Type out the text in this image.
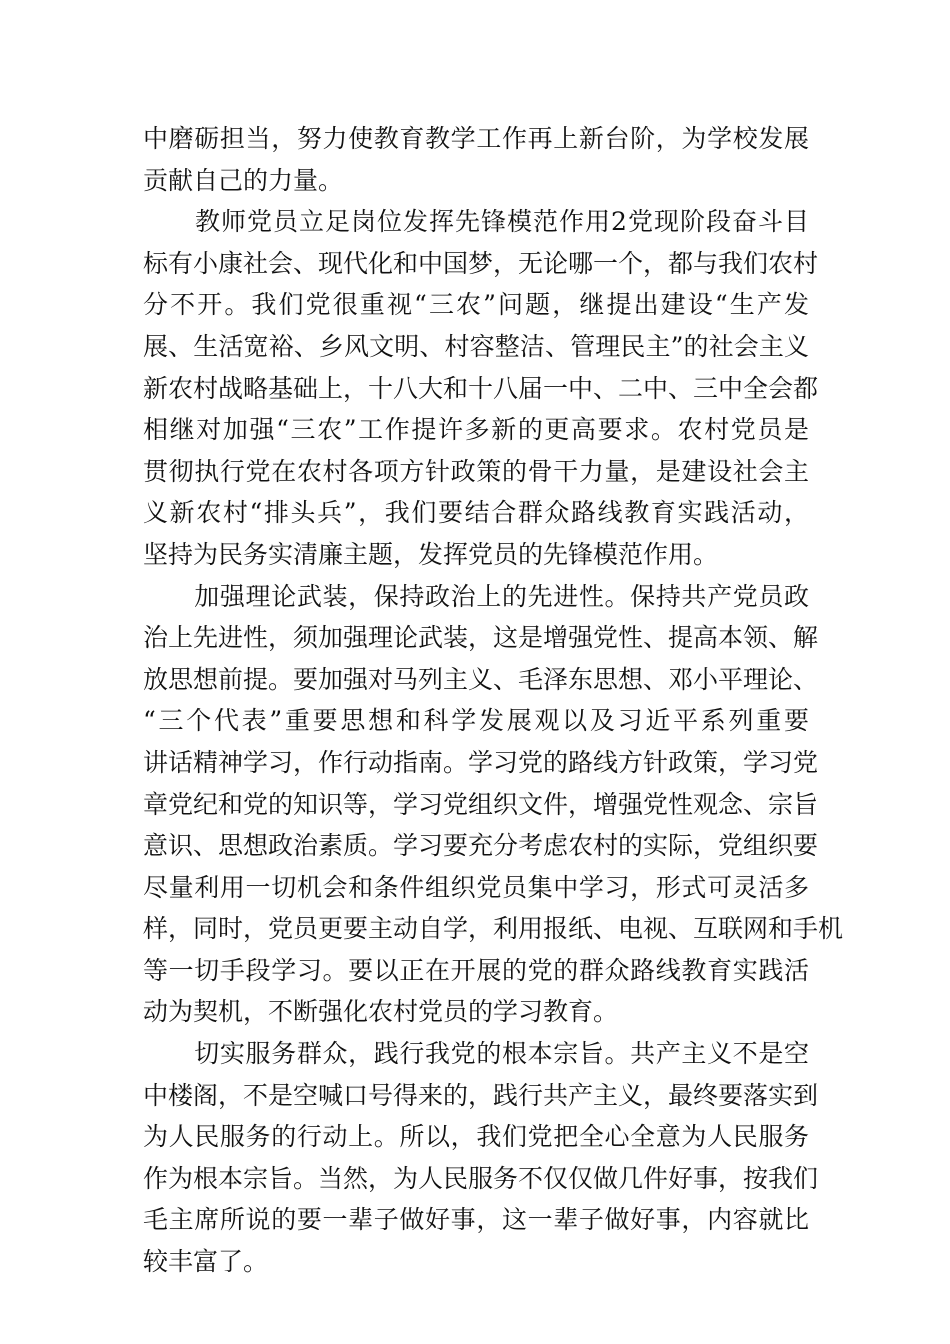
中磨砺担当，努力使教育教学工作再上新台阶，为学校发展
贡献自己的力量。
　　教师党员立足岗位发挥先锋模范作用2党现阶段奋斗目
标有小康社会、现代化和中国梦，无论哪一个，都与我们农村
分不开。我们党很重视“三农”问题，继提出建设“生产发
展、生活宽裕、乡风文明、村容整洁、管理民主”的社会主义
新农村战略基础上，十八大和十八届一中、二中、三中全会都
相继对加强“三农”工作提许多新的更高要求。农村党员是
贯彻执行党在农村各项方针政策的骨干力量，是建设社会主
义新农村“排头兵”，我们要结合群众路线教育实践活动，
坚持为民务实清廉主题，发挥党员的先锋模范作用。
　　加强理论武装，保持政治上的先进性。保持共产党员政
治上先进性，须加强理论武装，这是增强党性、提高本领、解
放思想前提。要加强对马列主义、毛泽东思想、邓小平理论、
“三个代表”重要思想和科学发展观以及习近平系列重要
讲话精神学习，作行动指南。学习党的路线方针政策，学习党
章党纪和党的知识等，学习党组织文件，增强党性观念、宗旨
意识、思想政治素质。学习要充分考虑农村的实际，党组织要
尽量利用一切机会和条件组织党员集中学习，形式可灵活多
样，同时，党员更要主动自学，利用报纸、电视、互联网和手机
等一切手段学习。要以正在开展的党的群众路线教育实践活
动为契机，不断强化农村党员的学习教育。
　　切实服务群众，践行我党的根本宗旨。共产主义不是空
中楼阁，不是空喊口号得来的，践行共产主义，最终要落实到
为人民服务的行动上。所以，我们党把全心全意为人民服务
作为根本宗旨。当然，为人民服务不仅仅做几件好事，按我们
毛主席所说的要一辈子做好事，这一辈子做好事，内容就比
较丰富了。
